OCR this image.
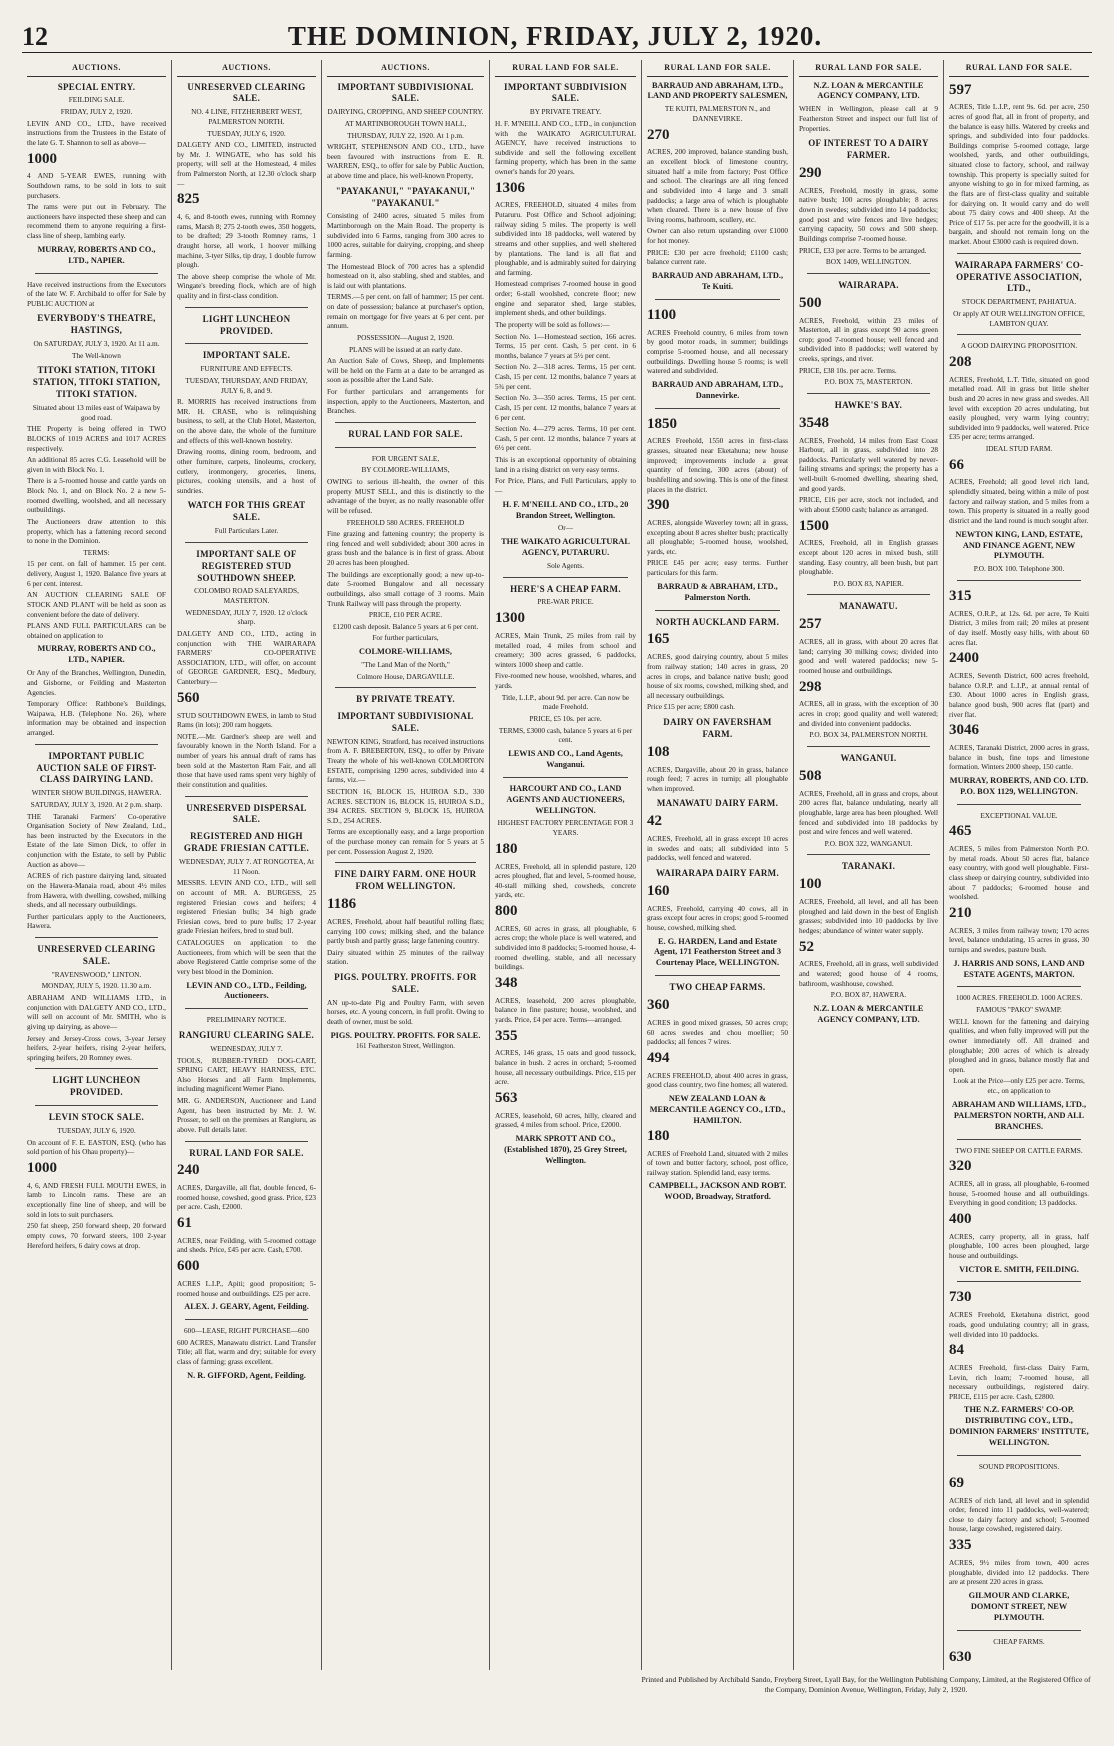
12	THE DOMINION, FRIDAY, JULY 2, 1920.
AUCTIONS.
SPECIAL ENTRY.
FEILDING SALE.
FRIDAY, JULY 2, 1920.
LEVIN AND CO., LTD., have received instructions from the Trustees in the Estate of the late G. T. Shannon to sell as above—
1000
4 AND 5-YEAR EWES, running with Southdown rams, to be sold in lots to suit purchasers.
The rams were put out in February. The auctioneers have inspected these sheep and can recommend them to anyone requiring a first-class line of sheep, lambing early.
MURRAY, ROBERTS AND CO., LTD., NAPIER.
Have received instructions from the Executors of the late W. F. Archibald to offer for Sale by PUBLIC AUCTION at
EVERYBODY'S THEATRE, HASTINGS,
On SATURDAY, JULY 3, 1920. At 11 a.m.
The Well-known
TITOKI STATION, TITOKI STATION, TITOKI STATION, TITOKI STATION.
Situated about 13 miles east of Waipawa by good road.
THE Property is being offered in TWO BLOCKS of 1019 ACRES and 1017 ACRES respectively.
An additional 85 acres C.G. Leasehold will be given in with Block No. 1.
There is a 5-roomed house and cattle yards on Block No. 1, and on Block No. 2 a new 5-roomed dwelling, woolshed, and all necessary outbuildings.
The Auctioneers draw attention to this property, which has a fattening record second to none in the Dominion.
TERMS:
15 per cent. on fall of hammer. 15 per cent. delivery, August 1, 1920. Balance five years at 6 per cent. interest.
AN AUCTION CLEARING SALE OF STOCK AND PLANT will be held as soon as convenient before the date of delivery.
PLANS AND FULL PARTICULARS can be obtained on application to
MURRAY, ROBERTS AND CO., LTD., NAPIER.
Or Any of the Branches, Wellington, Dunedin, and Gisborne, or Feilding and Masterton Agencies.
Temporary Office: Rathbone's Buildings, Waipawa, H.B. (Telephone No. 26), where information may be obtained and inspection arranged.
IMPORTANT PUBLIC AUCTION SALE OF FIRST-CLASS DAIRYING LAND.
WINTER SHOW BUILDINGS, HAWERA.
SATURDAY, JULY 3, 1920. At 2 p.m. sharp.
THE Taranaki Farmers' Co-operative Organisation Society of New Zealand, Ltd., has been instructed by the Executors in the Estate of the late Simon Dick, to offer in conjunction with the Estate, to sell by Public Auction as above—
ACRES of rich pasture dairying land, situated on the Hawera-Manaia road, about 4½ miles from Hawera, with dwelling, cowshed, milking sheds, and all necessary outbuildings.
Further particulars apply to the Auctioneers, Hawera.
UNRESERVED CLEARING SALE.
"RAVENSWOOD," LINTON.
MONDAY, JULY 5, 1920. 11.30 a.m.
ABRAHAM AND WILLIAMS LTD., in conjunction with DALGETY AND CO., LTD., will sell on account of Mr. SMITH, who is giving up dairying, as above—
Jersey and Jersey-Cross cows, 3-year Jersey heifers, 2-year heifers, rising 2-year heifers, springing heifers, 20 Romney ewes.
LIGHT LUNCHEON PROVIDED.
LEVIN STOCK SALE.
TUESDAY, JULY 6, 1920.
On account of F. E. EASTON, ESQ. (who has sold portion of his Ohau property)—
1000
4, 6, AND FRESH FULL MOUTH EWES, in lamb to Lincoln rams. These are an exceptionally fine line of sheep, and will be sold in lots to suit purchasers.
250 fat sheep, 250 forward sheep, 20 forward empty cows, 70 forward steers, 100 2-year Hereford heifers, 6 dairy cows at drop.
AUCTIONS.
UNRESERVED CLEARING SALE.
NO. 4 LINE, FITZHERBERT WEST, PALMERSTON NORTH.
TUESDAY, JULY 6, 1920.
DALGETY AND CO., LIMITED, instructed by Mr. J. WINGATE, who has sold his property, will sell at the Homestead, 4 miles from Palmerston North, at 12.30 o'clock sharp—
825
4, 6, and 8-tooth ewes, running with Romney rams, Marsh 8; 275 2-tooth ewes, 350 hoggets, to be drafted; 29 3-tooth Romney rams, 1 draught horse, all work, 1 hoover milking machine, 3-tyer Silks, tip dray, 1 double furrow plough.
The above sheep comprise the whole of Mr. Wingate's breeding flock, which are of high quality and in first-class condition.
LIGHT LUNCHEON PROVIDED.
IMPORTANT SALE.
FURNITURE AND EFFECTS.
TUESDAY, THURSDAY, AND FRIDAY, JULY 6, 8, and 9.
R. MORRIS has received instructions from MR. H. CRASE, who is relinquishing business, to sell, at the Club Hotel, Masterton, on the above date, the whole of the furniture and effects of this well-known hostelry.
Drawing rooms, dining room, bedroom, and other furniture, carpets, linoleums, crockery, cutlery, ironmongery, groceries, linens, pictures, cooking utensils, and a host of sundries.
WATCH FOR THIS GREAT SALE.
Full Particulars Later.
IMPORTANT SALE OF REGISTERED STUD SOUTHDOWN SHEEP.
COLOMBO ROAD SALEYARDS, MASTERTON.
WEDNESDAY, JULY 7, 1920. 12 o'clock sharp.
DALGETY AND CO., LTD., acting in conjunction with THE WAIRARAPA FARMERS' CO-OPERATIVE ASSOCIATION, LTD., will offer, on account of GEORGE GARDNER, ESQ., Medbury, Canterbury—
560
STUD SOUTHDOWN EWES, in lamb to Stud Rams (in lots); 200 ram hoggets.
NOTE.—Mr. Gardner's sheep are well and favourably known in the North Island. For a number of years his annual draft of rams has been sold at the Masterton Ram Fair, and all those that have used rams spent very highly of their constitution and qualities.
UNRESERVED DISPERSAL SALE.
REGISTERED AND HIGH GRADE FRIESIAN CATTLE.
WEDNESDAY, JULY 7. AT RONGOTEA, At 11 Noon.
MESSRS. LEVIN AND CO., LTD., will sell on account of MR. A. BURGESS, 25 registered Friesian cows and heifers; 4 registered Friesian bulls; 34 high grade Friesian cows, bred to pure bulls; 17 2-year grade Friesian heifers, bred to stud bull.
CATALOGUES on application to the Auctioneers, from which will be seen that the above Registered Cattle comprise some of the very best blood in the Dominion.
LEVIN AND CO., LTD., Feilding, Auctioneers.
PRELIMINARY NOTICE.
RANGIURU CLEARING SALE.
WEDNESDAY, JULY 7.
TOOLS, RUBBER-TYRED DOG-CART, SPRING CART, HEAVY HARNESS, ETC. Also Horses and all Farm Implements, including magnificent Werner Piano.
MR. G. ANDERSON, Auctioneer and Land Agent, has been instructed by Mr. J. W. Prosser, to sell on the premises at Rangiuru, as above. Full details later.
RURAL LAND FOR SALE.
240
ACRES, Dargaville, all flat, double fenced, 6-roomed house, cowshed, good grass. Price, £23 per acre. Cash, £2000.
61
ACRES, near Feilding, with 5-roomed cottage and sheds. Price, £45 per acre. Cash, £700.
600
ACRES L.I.P., Apiti; good proposition; 5-roomed house and outbuildings. £25 per acre.
ALEX. J. GEARY, Agent, Feilding.
600—LEASE, RIGHT PURCHASE—600
600 ACRES, Manawatu district. Land Transfer Title; all flat, warm and dry; suitable for every class of farming; grass excellent.
N. R. GIFFORD, Agent, Feilding.
AUCTIONS.
IMPORTANT SUBDIVISIONAL SALE.
DAIRYING, CROPPING, AND SHEEP COUNTRY.
AT MARTINBOROUGH TOWN HALL,
THURSDAY, JULY 22, 1920. At 1 p.m.
WRIGHT, STEPHENSON AND CO., LTD., have been favoured with instructions from E. R. WARREN, ESQ., to offer for sale by Public Auction, at above time and place, his well-known Property,
"PAYAKANUI," "PAYAKANUI," "PAYAKANUI."
Consisting of 2400 acres, situated 5 miles from Martinborough on the Main Road. The property is subdivided into 6 Farms, ranging from 300 acres to 1000 acres, suitable for dairying, cropping, and sheep farming.
The Homestead Block of 700 acres has a splendid homestead on it, also stabling, shed and stables, and is laid out with plantations.
TERMS.—5 per cent. on fall of hammer; 15 per cent. on date of possession; balance at purchaser's option, remain on mortgage for five years at 6 per cent. per annum.
POSSESSION—August 2, 1920.
PLANS will be issued at an early date.
An Auction Sale of Cows, Sheep, and Implements will be held on the Farm at a date to be arranged as soon as possible after the Land Sale.
For further particulars and arrangements for inspection, apply to the Auctioneers, Masterton, and Branches.
RURAL LAND FOR SALE.
FOR URGENT SALE,
BY COLMORE-WILLIAMS,
OWING to serious ill-health, the owner of this property MUST SELL, and this is distinctly to the advantage of the buyer, as no really reasonable offer will be refused.
FREEHOLD 580 ACRES. FREEHOLD
Fine grazing and fattening country; the property is ring fenced and well subdivided; about 300 acres in grass bush and the balance is in first of grass. About 20 acres has been ploughed.
The buildings are exceptionally good; a new up-to-date 5-roomed Bungalow and all necessary outbuildings, also small cottage of 3 rooms. Main Trunk Railway will pass through the property.
PRICE, £10 PER ACRE.
£1200 cash deposit. Balance 5 years at 6 per cent.
For further particulars,
COLMORE-WILLIAMS,
"The Land Man of the North,"
Colmore House, DARGAVILLE.
BY PRIVATE TREATY.
IMPORTANT SUBDIVISIONAL SALE.
NEWTON KING, Stratford, has received instructions from A. F. BREBERTON, ESQ., to offer by Private Treaty the whole of his well-known COLMORTON ESTATE, comprising 1290 acres, subdivided into 4 farms, viz.—
SECTION 16, BLOCK 15, HUIROA S.D., 330 ACRES. SECTION 16, BLOCK 15, HUIROA S.D., 394 ACRES. SECTION 9, BLOCK 15, HUIROA S.D., 254 ACRES.
Terms are exceptionally easy, and a large proportion of the purchase money can remain for 5 years at 5 per cent. Possession August 2, 1920.
FINE DAIRY FARM. ONE HOUR FROM WELLINGTON.
1186
ACRES, Freehold, about half beautiful rolling flats; carrying 100 cows; milking shed, and the balance partly bush and partly grass; large fattening country.
Dairy situated within 25 minutes of the railway station.
PIGS. POULTRY. PROFITS. FOR SALE.
AN up-to-date Pig and Poultry Farm, with seven horses, etc. A young concern, in full profit. Owing to death of owner, must be sold.
PIGS. POULTRY. PROFITS. FOR SALE.
161 Featherston Street, Wellington.
RURAL LAND FOR SALE.
IMPORTANT SUBDIVISION SALE.
BY PRIVATE TREATY.
H. F. M'NEILL AND CO., LTD., in conjunction with the WAIKATO AGRICULTURAL AGENCY, have received instructions to subdivide and sell the following excellent farming property, which has been in the same owner's hands for 20 years.
1306
ACRES, FREEHOLD, situated 4 miles from Putaruru. Post Office and School adjoining; railway siding 5 miles. The property is well subdivided into 18 paddocks, well watered by streams and other supplies, and well sheltered by plantations. The land is all flat and ploughable, and is admirably suited for dairying and farming.
Homestead comprises 7-roomed house in good order; 6-stall woolshed, concrete floor; new engine and separator shed, large stables, implement sheds, and other buildings.
The property will be sold as follows:—
Section No. 1—Homestead section, 166 acres. Terms, 15 per cent. Cash, 5 per cent. in 6 months, balance 7 years at 5½ per cent.
Section No. 2—318 acres. Terms, 15 per cent. Cash, 15 per cent. 12 months, balance 7 years at 5¾ per cent.
Section No. 3—350 acres. Terms, 15 per cent. Cash, 15 per cent. 12 months, balance 7 years at 6 per cent.
Section No. 4—279 acres. Terms, 10 per cent. Cash, 5 per cent. 12 months, balance 7 years at 6½ per cent.
This is an exceptional opportunity of obtaining land in a rising district on very easy terms.
For Price, Plans, and Full Particulars, apply to—
H. F. M'NEILL AND CO., LTD., 20 Brandon Street, Wellington.
Or—
THE WAIKATO AGRICULTURAL AGENCY, PUTARURU.
Sole Agents.
HERE'S A CHEAP FARM.
PRE-WAR PRICE.
1300
ACRES, Main Trunk, 25 miles from rail by metalled road, 4 miles from school and creamery; 300 acres grassed, 6 paddocks, winters 1000 sheep and cattle.
Five-roomed new house, woolshed, whares, and yards.
Title, L.I.P., about 9d. per acre. Can now be made Freehold.
PRICE, £5 10s. per acre.
TERMS, £3000 cash, balance 5 years at 6 per cent.
LEWIS AND CO., Land Agents, Wanganui.
HARCOURT AND CO., LAND AGENTS AND AUCTIONEERS, WELLINGTON.
HIGHEST FACTORY PERCENTAGE FOR 3 YEARS.
180
ACRES, Freehold, all in splendid pasture, 120 acres ploughed, flat and level, 5-roomed house, 40-stall milking shed, cowsheds, concrete yards, etc.
800
ACRES, 60 acres in grass, all ploughable, 6 acres crop; the whole place is well watered, and subdivided into 8 paddocks; 5-roomed house, 4-roomed dwelling, stable, and all necessary buildings.
348
ACRES, leasehold, 200 acres ploughable, balance in fine pasture; house, woolshed, and yards. Price, £4 per acre. Terms—arranged.
355
ACRES, 146 grass, 15 oats and good tussock, balance in bush. 2 acres in orchard; 5-roomed house, all necessary outbuildings. Price, £15 per acre.
563
ACRES, leasehold, 60 acres, hilly, cleared and grassed, 4 miles from school. Price, £2000.
MARK SPROTT AND CO., (Established 1870), 25 Grey Street, Wellington.
RURAL LAND FOR SALE.
BARRAUD AND ABRAHAM, LTD., LAND AND PROPERTY SALESMEN,
TE KUITI, PALMERSTON N., and DANNEVIRKE.
270
ACRES, 200 improved, balance standing bush, an excellent block of limestone country, situated half a mile from factory; Post Office and school. The clearings are all ring fenced and subdivided into 4 large and 3 small paddocks; a large area of which is ploughable when cleared. There is a new house of five living rooms, bathroom, scullery, etc.
Owner can also return upstanding over £1000 for hot money.
PRICE: £30 per acre freehold; £1100 cash; balance current rate.
BARRAUD AND ABRAHAM, LTD., Te Kuiti.
1100
ACRES Freehold country, 6 miles from town by good motor roads, in summer; buildings comprise 5-roomed house, and all necessary outbuildings. Dwelling house 5 rooms; is well watered and subdivided.
BARRAUD AND ABRAHAM, LTD., Dannevirke.
1850
ACRES Freehold, 1550 acres in first-class grasses, situated near Eketahuna; new house improved; improvements include a great quantity of fencing, 300 acres (about) of bushfelling and sowing. This is one of the finest places in the district.
390
ACRES, alongside Waverley town; all in grass, excepting about 8 acres shelter bush; practically all ploughable; 5-roomed house, woolshed, yards, etc.
PRICE £45 per acre; easy terms. Further particulars for this farm.
BARRAUD & ABRAHAM, LTD., Palmerston North.
NORTH AUCKLAND FARM.
165
ACRES, good dairying country, about 5 miles from railway station; 140 acres in grass, 20 acres in crops, and balance native bush; good house of six rooms, cowshed, milking shed, and all necessary outbuildings.
Price £15 per acre; £800 cash.
DAIRY ON FAVERSHAM FARM.
108
ACRES, Dargaville, about 20 in grass, balance rough feed; 7 acres in turnip; all ploughable when improved.
MANAWATU DAIRY FARM.
42
ACRES, Freehold, all in grass except 10 acres in swedes and oats; all subdivided into 5 paddocks, well fenced and watered.
WAIRARAPA DAIRY FARM.
160
ACRES, Freehold, carrying 40 cows, all in grass except four acres in crops; good 5-roomed house, cowshed, milking shed.
E. G. HARDEN, Land and Estate Agent, 171 Featherston Street and 3 Courtenay Place, WELLINGTON.
TWO CHEAP FARMS.
360
ACRES in good mixed grasses, 50 acres crop; 60 acres swedes and chou moellier; 50 paddocks; all fences 7 wires.
494
ACRES FREEHOLD, about 400 acres in grass, good class country, two fine homes; all watered.
NEW ZEALAND LOAN & MERCANTILE AGENCY CO., LTD., HAMILTON.
180
ACRES of Freehold Land, situated with 2 miles of town and butter factory, school, post office, railway station. Splendid land, easy terms.
CAMPBELL, JACKSON AND ROBT. WOOD, Broadway, Stratford.
RURAL LAND FOR SALE.
N.Z. LOAN & MERCANTILE AGENCY COMPANY, LTD.
WHEN in Wellington, please call at 9 Featherston Street and inspect our full list of Properties.
OF INTEREST TO A DAIRY FARMER.
290
ACRES, Freehold, mostly in grass, some native bush; 100 acres ploughable; 8 acres down in swedes; subdivided into 14 paddocks; good post and wire fences and live hedges; carrying capacity, 50 cows and 500 sheep. Buildings comprise 7-roomed house.
PRICE, £33 per acre. Terms to be arranged.
BOX 1409, WELLINGTON.
WAIRARAPA.
500
ACRES, Freehold, within 23 miles of Masterton, all in grass except 90 acres green crop; good 7-roomed house; well fenced and subdivided into 8 paddocks; well watered by creeks, springs, and river.
PRICE, £38 10s. per acre. Terms.
P.O. BOX 75, MASTERTON.
HAWKE'S BAY.
3548
ACRES, Freehold, 14 miles from East Coast Harbour, all in grass, subdivided into 28 paddocks. Particularly well watered by never-failing streams and springs; the property has a well-built 6-roomed dwelling, shearing shed, and good yards.
PRICE, £16 per acre, stock not included, and with about £5000 cash; balance as arranged.
1500
ACRES, Freehold, all in English grasses except about 120 acres in mixed bush, still standing. Easy country, all been bush, but part ploughable.
P.O. BOX 83, NAPIER.
MANAWATU.
257
ACRES, all in grass, with about 20 acres flat land; carrying 30 milking cows; divided into good and well watered paddocks; new 5-roomed house and outbuildings.
298
ACRES, all in grass, with the exception of 30 acres in crop; good quality and well watered; and divided into convenient paddocks.
P.O. BOX 34, PALMERSTON NORTH.
WANGANUI.
508
ACRES, Freehold, all in grass and crops, about 200 acres flat, balance undulating, nearly all ploughable, large area has been ploughed. Well fenced and subdivided into 18 paddocks by post and wire fences and well watered.
P.O. BOX 322, WANGANUI.
TARANAKI.
100
ACRES, Freehold, all level, and all has been ploughed and laid down in the best of English grasses; subdivided into 10 paddocks by live hedges; abundance of winter water supply.
52
ACRES, Freehold, all in grass, well subdivided and watered; good house of 4 rooms, bathroom, washhouse, cowshed.
P.O. BOX 87, HAWERA.
N.Z. LOAN & MERCANTILE AGENCY COMPANY, LTD.
RURAL LAND FOR SALE.
597
ACRES, Title L.I.P., rent 9s. 6d. per acre, 250 acres of good flat, all in front of property, and the balance is easy hills. Watered by creeks and springs, and subdivided into four paddocks. Buildings comprise 5-roomed cottage, large woolshed, yards, and other outbuildings, situated close to factory, school, and railway township. This property is specially suited for anyone wishing to go in for mixed farming, as the flats are of first-class quality and suitable for dairying on. It would carry and do well about 75 dairy cows and 400 sheep. At the Price of £17 5s. per acre for the goodwill, it is a bargain, and should not remain long on the market. About £3000 cash is required down.
WAIRARAPA FARMERS' CO-OPERATIVE ASSOCIATION, LTD.,
STOCK DEPARTMENT, PAHIATUA.
Or apply AT OUR WELLINGTON OFFICE, LAMBTON QUAY.
A GOOD DAIRYING PROPOSITION.
208
ACRES, Freehold, L.T. Title, situated on good metalled road. All in grass but little shelter bush and 20 acres in new grass and swedes. All level with exception 20 acres undulating, but easily ploughed, very warm lying country; subdivided into 9 paddocks, well watered. Price £35 per acre; terms arranged.
IDEAL STUD FARM.
66
ACRES, Freehold; all good level rich land, splendidly situated, being within a mile of post factory and railway station, and 5 miles from a town. This property is situated in a really good district and the land round is much sought after.
NEWTON KING, LAND, ESTATE, AND FINANCE AGENT, NEW PLYMOUTH.
P.O. BOX 100. Telephone 300.
315
ACRES, O.R.P., at 12s. 6d. per acre, Te Kuiti District, 3 miles from rail; 20 miles at present of day itself. Mostly easy hills, with about 60 acres flat.
2400
ACRES, Seventh District, 600 acres freehold, balance O.R.P. and L.I.P., at annual rental of £30. About 1000 acres in English grass, balance good bush, 900 acres flat (part) and river flat.
3046
ACRES, Taranaki District, 2000 acres in grass, balance in bush, fine tops and limestone formation. Winters 2000 sheep, 150 cattle.
MURRAY, ROBERTS, AND CO. LTD. P.O. BOX 1129, WELLINGTON.
EXCEPTIONAL VALUE.
465
ACRES, 5 miles from Palmerston North P.O. by metal roads. About 50 acres flat, balance easy country, with good well ploughable. First-class sheep or dairying country, subdivided into about 7 paddocks; 6-roomed house and woolshed.
210
ACRES, 3 miles from railway town; 170 acres level, balance undulating, 15 acres in grass, 30 turnips and swedes, pasture bush.
J. HARRIS AND SONS, LAND AND ESTATE AGENTS, MARTON.
1000 ACRES. FREEHOLD. 1000 ACRES.
FAMOUS "PAKO" SWAMP.
WELL known for the fattening and dairying qualities, and when fully improved will put the owner immediately off. All drained and ploughable; 200 acres of which is already ploughed and in grass, balance mostly flat and open.
Look at the Price—only £25 per acre. Terms, etc., on application to
ABRAHAM AND WILLIAMS, LTD., PALMERSTON NORTH, AND ALL BRANCHES.
TWO FINE SHEEP OR CATTLE FARMS.
320
ACRES, all in grass, all ploughable, 6-roomed house, 5-roomed house and all outbuildings. Everything in good condition; 13 paddocks.
400
ACRES, carry property, all in grass, half ploughable, 100 acres been ploughed, large house and outbuildings.
VICTOR E. SMITH, FEILDING.
730
ACRES Freehold, Eketahuna district, good roads, good undulating country; all in grass, well divided into 10 paddocks.
84
ACRES Freehold, first-class Dairy Farm, Levin, rich loam; 7-roomed house, all necessary outbuildings, registered dairy. PRICE, £115 per acre. Cash, £2800.
THE N.Z. FARMERS' CO-OP. DISTRIBUTING COY., LTD., DOMINION FARMERS' INSTITUTE, WELLINGTON.
SOUND PROPOSITIONS.
69
ACRES of rich land, all level and in splendid order, fenced into 11 paddocks, well-watered; close to dairy factory and school; 5-roomed house, large cowshed, registered dairy.
335
ACRES, 9½ miles from town, 400 acres ploughable, divided into 12 paddocks. There are at present 220 acres in grass.
GILMOUR AND CLARKE, DOMONT STREET, NEW PLYMOUTH.
CHEAP FARMS.
630
Printed and Published by Archibald Sando, Freyberg Street, Lyall Bay, for the Wellington Publishing Company, Limited, at the Registered Office of the Company, Dominion Avenue, Wellington, Friday, July 2, 1920.
